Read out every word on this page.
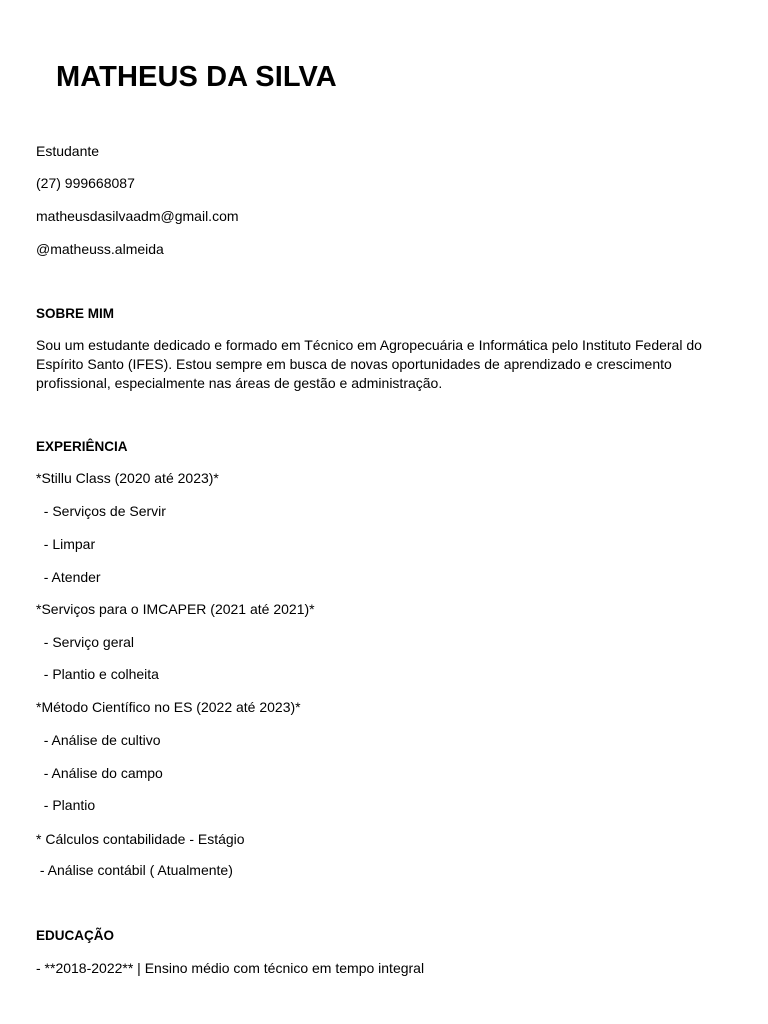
MATHEUS DA SILVA

Estudante

(27) 999668087

matheusdasilvaadm@gmail.com

@matheuss.almeida

SOBRE MIM

Sou um estudante dedicado e formado em Técnico em Agropecuária e Informática pelo Instituto Federal do Espírito Santo (IFES). Estou sempre em busca de novas oportunidades de aprendizado e crescimento profissional, especialmente nas áreas de gestão e administração.

EXPERIÊNCIA

*Stillu Class (2020 até 2023)*

- Serviços de Servir

- Limpar

- Atender

*Serviços para o IMCAPER (2021 até 2021)*

- Serviço geral

- Plantio e colheita

*Método Científico no ES (2022 até 2023)*

- Análise de cultivo

- Análise do campo

- Plantio

* Cálculos contabilidade - Estágio

- Análise contábil ( Atualmente)

EDUCAÇÃO

- **2018-2022** | Ensino médio com técnico em tempo integral
